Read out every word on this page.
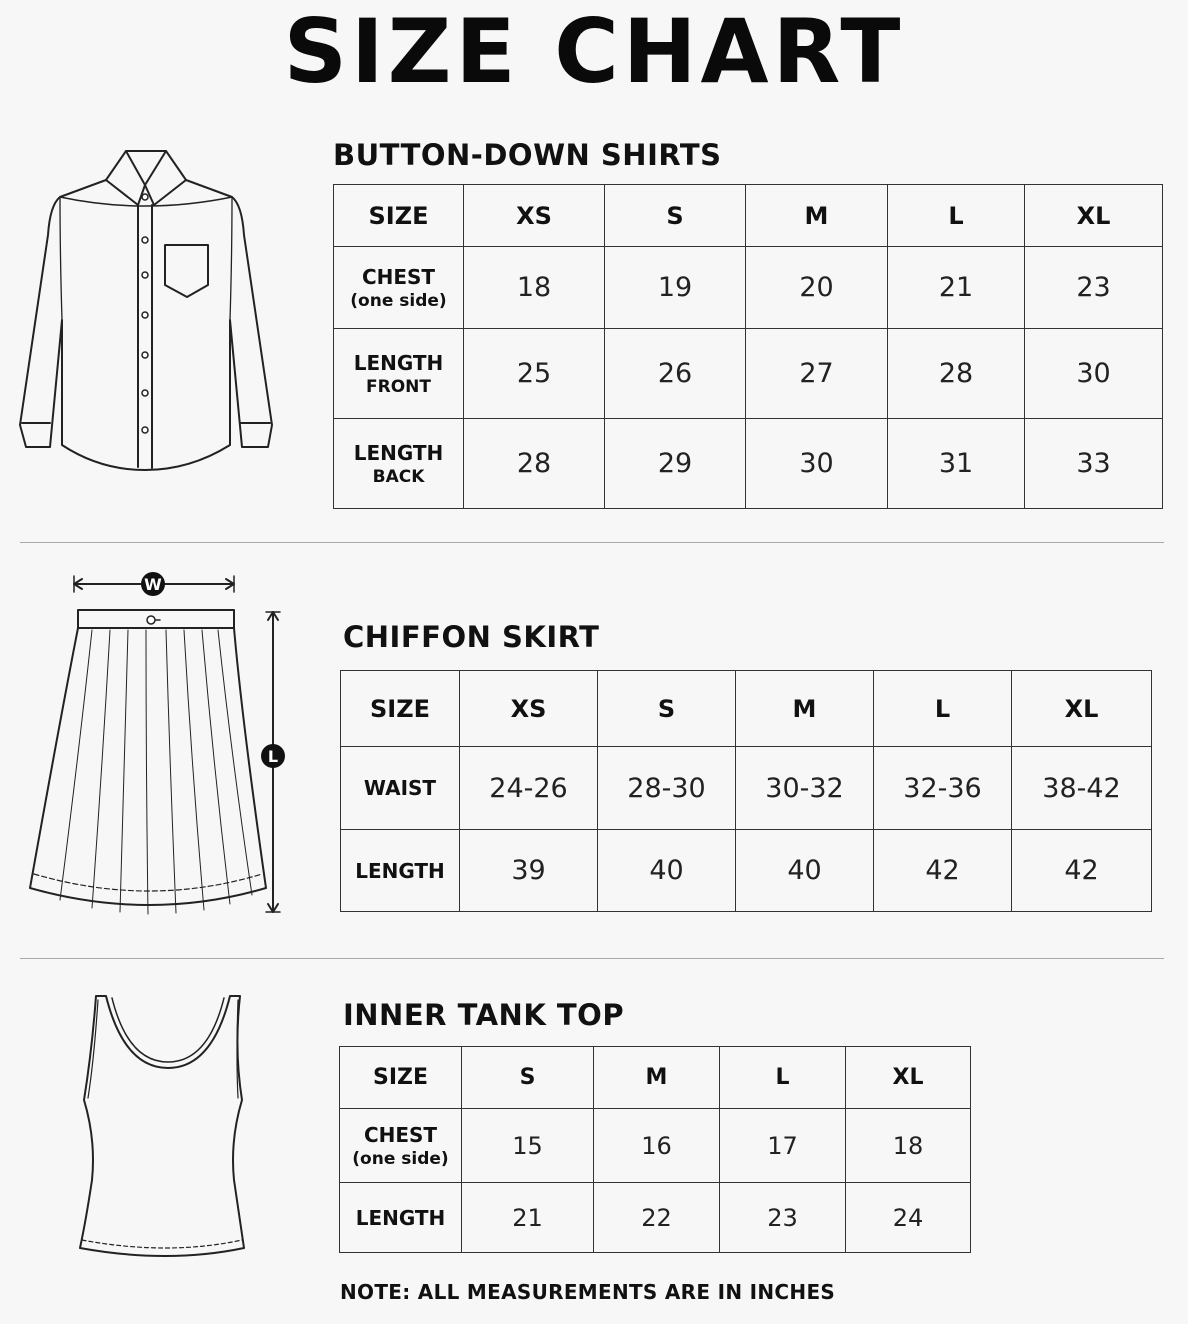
SIZE CHART
BUTTON-DOWN SHIRTS
SIZE	XS	S	M	L	XL

CHEST
(one side)	18	19	20	21	23

LENGTH
FRONT	25	26	27	28	30

LENGTH
BACK	28	29	30	31	33
W
L
CHIFFON SKIRT
SIZE	XS	S	M	L	XL

WAIST	24-26	28-30	30-32	32-36	38-42

LENGTH	39	40	40	42	42
INNER TANK TOP
SIZE	S	M	L	XL

CHEST
(one side)	15	16	17	18

LENGTH	21	22	23	24
NOTE: ALL MEASUREMENTS ARE IN INCHES
